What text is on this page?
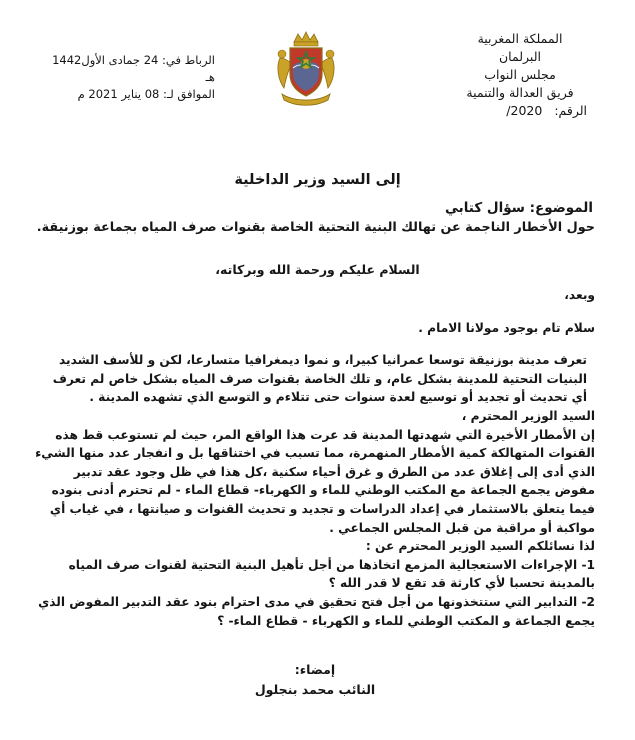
المملكة المغربية
البرلمان
مجلس النواب
فريق العدالة والتنمية
الرقم:2020/
الرباط في: 24 جمادى الأول1442 هـ
الموافق لـ: 08 يناير 2021 م
إلى السيد وزير الداخلية
الموضوع: سؤال كتابي
حول الأخطار الناجمة عن تهالك البنية التحتية الخاصة بقنوات صرف المياه بجماعة بوزنيقة.
السلام عليكم ورحمة الله وبركاته،

وبعد،

سلام تام بوجود مولانا الامام .

تعرف مدينة بوزنيقة توسعا عمرانيا كبيرا، و نموا ديمغرافيا متسارعا، لكن و للأسف الشديد البنيات التحتية للمدينة بشكل عام، و تلك الخاصة بقنوات صرف المياه بشكل خاص لم تعرف أي تحديث أو تجديد أو توسيع لعدة سنوات حتى تتلاءم و التوسع الذي تشهده المدينة .

السيد الوزير المحترم ،

إن الأمطار الأخيرة التي شهدتها المدينة قد عرت هذا الواقع المر، حيث لم تستوعب قط هذه القنوات المتهالكة كمية الأمطار المنهمرة، مما تسبب في اختناقها بل و انفجار عدد منها الشيء الذي أدى إلى إغلاق عدد من الطرق و غرق أحياء سكنية ،كل هذا في ظل وجود عقد تدبير مفوض يجمع الجماعة مع المكتب الوطني للماء و الكهرباء- قطاع الماء - لم تحترم أدنى بنوده فيما يتعلق بالاستثمار في إعداد الدراسات و تجديد و تحديث القنوات و صيانتها ، في غياب أي مواكبة أو مراقبة من قبل المجلس الجماعي .

لذا نسائلكم السيد الوزير المحترم عن :

1- الإجراءات الاستعجالية المزمع اتخاذها من أجل تأهيل البنية التحتية لقنوات صرف المياه بالمدينة تحسبا لأي كارثة قد تقع لا قدر الله ؟

2- التدابير التي ستتخذونها من أجل فتح تحقيق في مدى احترام بنود عقد التدبير المفوض الذي يجمع الجماعة و المكتب الوطني للماء و الكهرباء - قطاع الماء- ؟

إمضاء:
النائب محمد بنجلول
